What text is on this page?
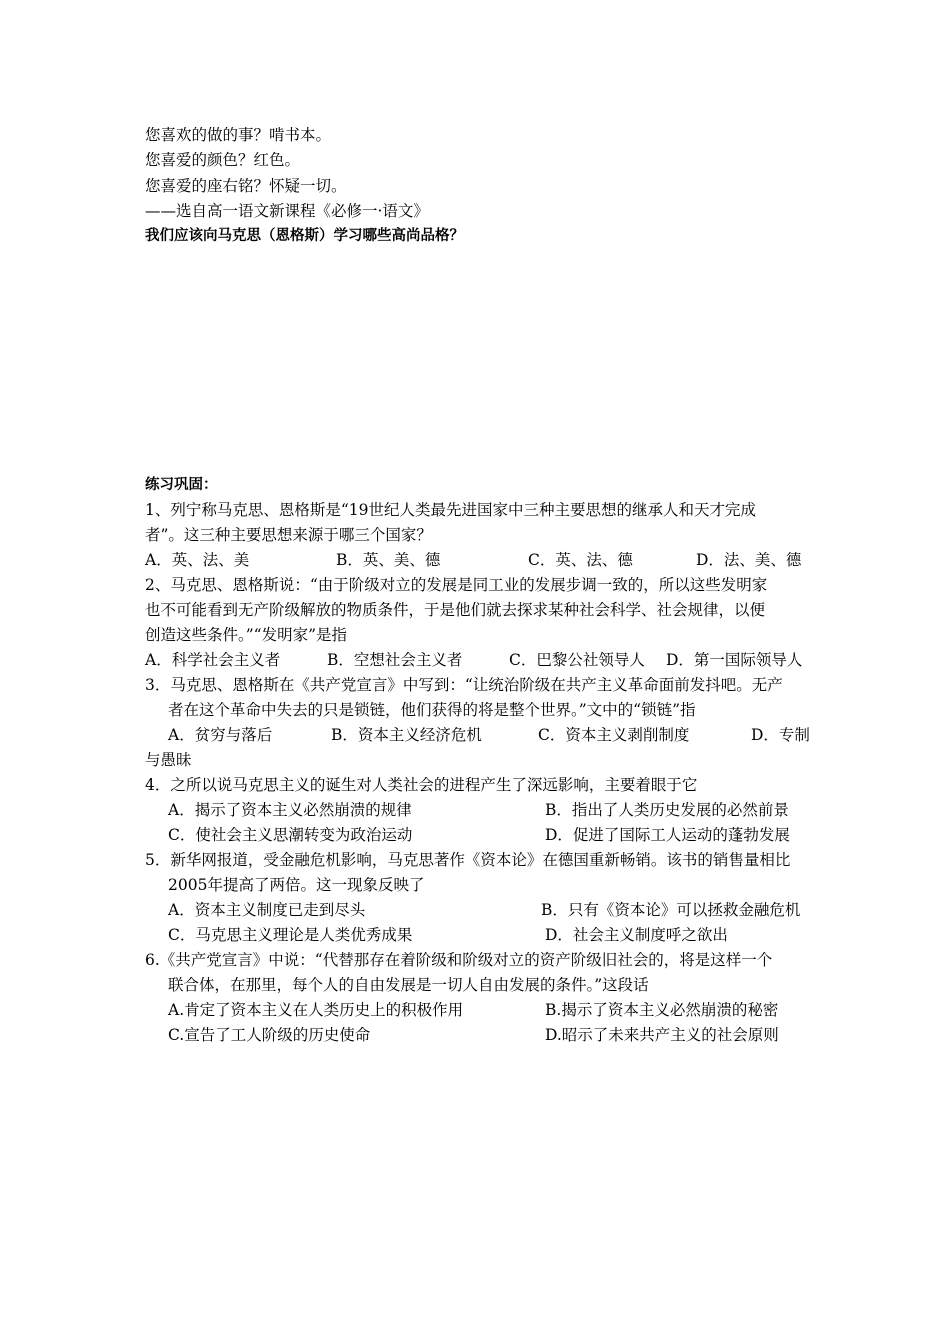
您喜欢的做的事？啃书本。
您喜爱的颜色？红色。
您喜爱的座右铭？怀疑一切。
——选自高一语文新课程《必修一·语文》
我们应该向马克思（恩格斯）学习哪些高尚品格？
练习巩固：
1、列宁称马克思、恩格斯是“19世纪人类最先进国家中三种主要思想的继承人和天才完成
者”。这三种主要思想来源于哪三个国家？
A．英、法、美	B．英、美、德	C．英、法、德	D．法、美、德
2、马克思、恩格斯说：“由于阶级对立的发展是同工业的发展步调一致的，所以这些发明家
也不可能看到无产阶级解放的物质条件，于是他们就去探求某种社会科学、社会规律，以便
创造这些条件。”“发明家”是指
A．科学社会主义者	B．空想社会主义者	C．巴黎公社领导人 D．第一国际领导人
3．马克思、恩格斯在《共产党宣言》中写到：“让统治阶级在共产主义革命面前发抖吧。无产
者在这个革命中失去的只是锁链，他们获得的将是整个世界。”文中的“锁链”指
A．贫穷与落后	B．资本主义经济危机	C．资本主义剥削制度	D．专制
与愚昧
4．之所以说马克思主义的诞生对人类社会的进程产生了深远影响，主要着眼于它
A．揭示了资本主义必然崩溃的规律	B．指出了人类历史发展的必然前景
C．使社会主义思潮转变为政治运动	D．促进了国际工人运动的蓬勃发展
5．新华网报道，受金融危机影响，马克思著作《资本论》在德国重新畅销。该书的销售量相比
2005年提高了两倍。这一现象反映了
A．资本主义制度已走到尽头	B．只有《资本论》可以拯救金融危机
C．马克思主义理论是人类优秀成果	D．社会主义制度呼之欲出
6.《共产党宣言》中说：“代替那存在着阶级和阶级对立的资产阶级旧社会的，将是这样一个
联合体，在那里，每个人的自由发展是一切人自由发展的条件。”这段话
A.肯定了资本主义在人类历史上的积极作用	B.揭示了资本主义必然崩溃的秘密
C.宣告了工人阶级的历史使命	D.昭示了未来共产主义的社会原则
